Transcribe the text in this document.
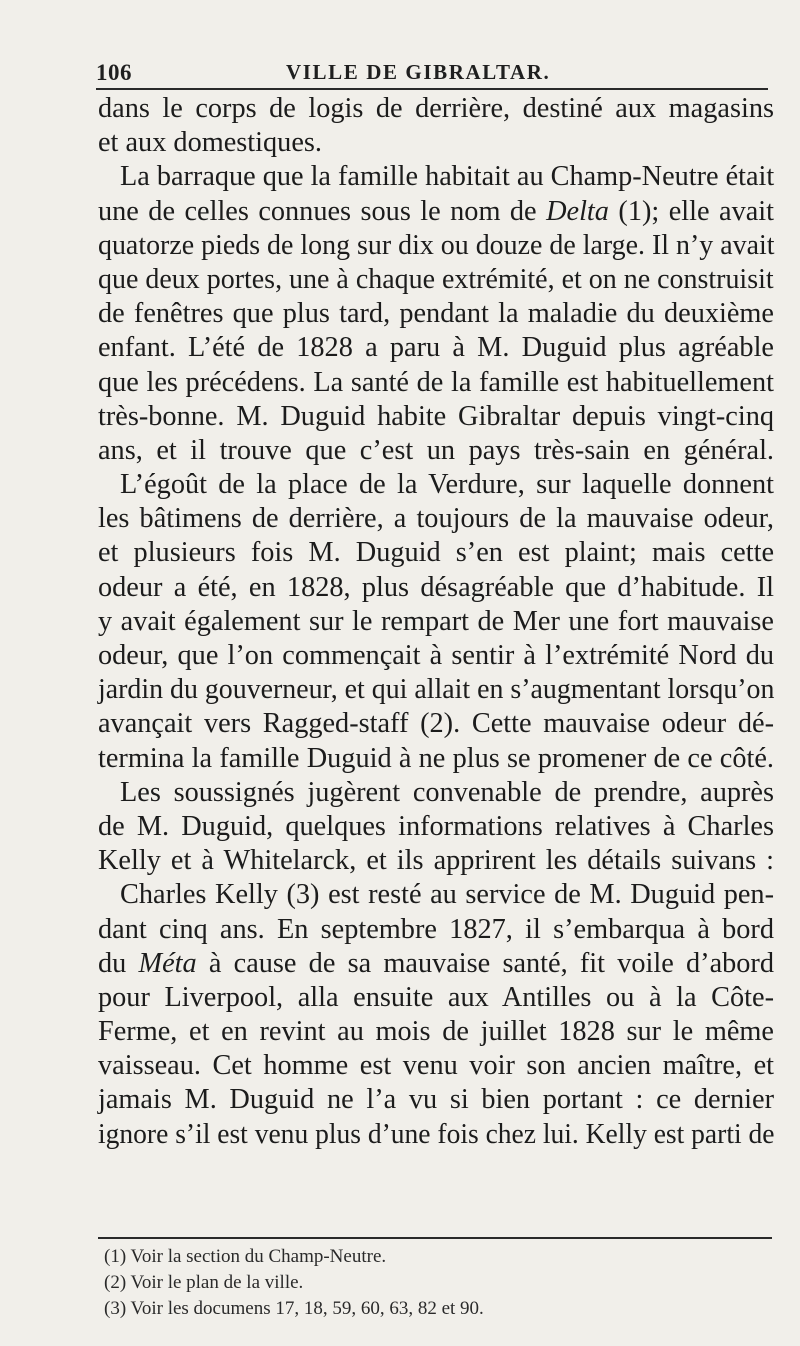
106	VILLE DE GIBRALTAR.
dans le corps de logis de derrière, destiné aux magasins
et aux domestiques.
La barraque que la famille habitait au Champ-Neutre était
une de celles connues sous le nom de Delta (1); elle avait
quatorze pieds de long sur dix ou douze de large. Il n’y avait
que deux portes, une à chaque extrémité, et on ne construisit
de fenêtres que plus tard, pendant la maladie du deuxième
enfant. L’été de 1828 a paru à M. Duguid plus agréable
que les précédens. La santé de la famille est habituellement
très-bonne. M. Duguid habite Gibraltar depuis vingt-cinq
ans, et il trouve que c’est un pays très-sain en général.
L’égoût de la place de la Verdure, sur laquelle donnent
les bâtimens de derrière, a toujours de la mauvaise odeur,
et plusieurs fois M. Duguid s’en est plaint; mais cette
odeur a été, en 1828, plus désagréable que d’habitude. Il
y avait également sur le rempart de Mer une fort mauvaise
odeur, que l’on commençait à sentir à l’extrémité Nord du
jardin du gouverneur, et qui allait en s’augmentant lorsqu’on
avançait vers Ragged-staff (2). Cette mauvaise odeur dé-
termina la famille Duguid à ne plus se promener de ce côté.
Les soussignés jugèrent convenable de prendre, auprès
de M. Duguid, quelques informations relatives à Charles
Kelly et à Whitelarck, et ils apprirent les détails suivans :
Charles Kelly (3) est resté au service de M. Duguid pen-
dant cinq ans. En septembre 1827, il s’embarqua à bord
du Méta à cause de sa mauvaise santé, fit voile d’abord
pour Liverpool, alla ensuite aux Antilles ou à la Côte-
Ferme, et en revint au mois de juillet 1828 sur le même
vaisseau. Cet homme est venu voir son ancien maître, et
jamais M. Duguid ne l’a vu si bien portant : ce dernier
ignore s’il est venu plus d’une fois chez lui. Kelly est parti de
(1) Voir la section du Champ-Neutre.
(2) Voir le plan de la ville.
(3) Voir les documens 17, 18, 59, 60, 63, 82 et 90.
